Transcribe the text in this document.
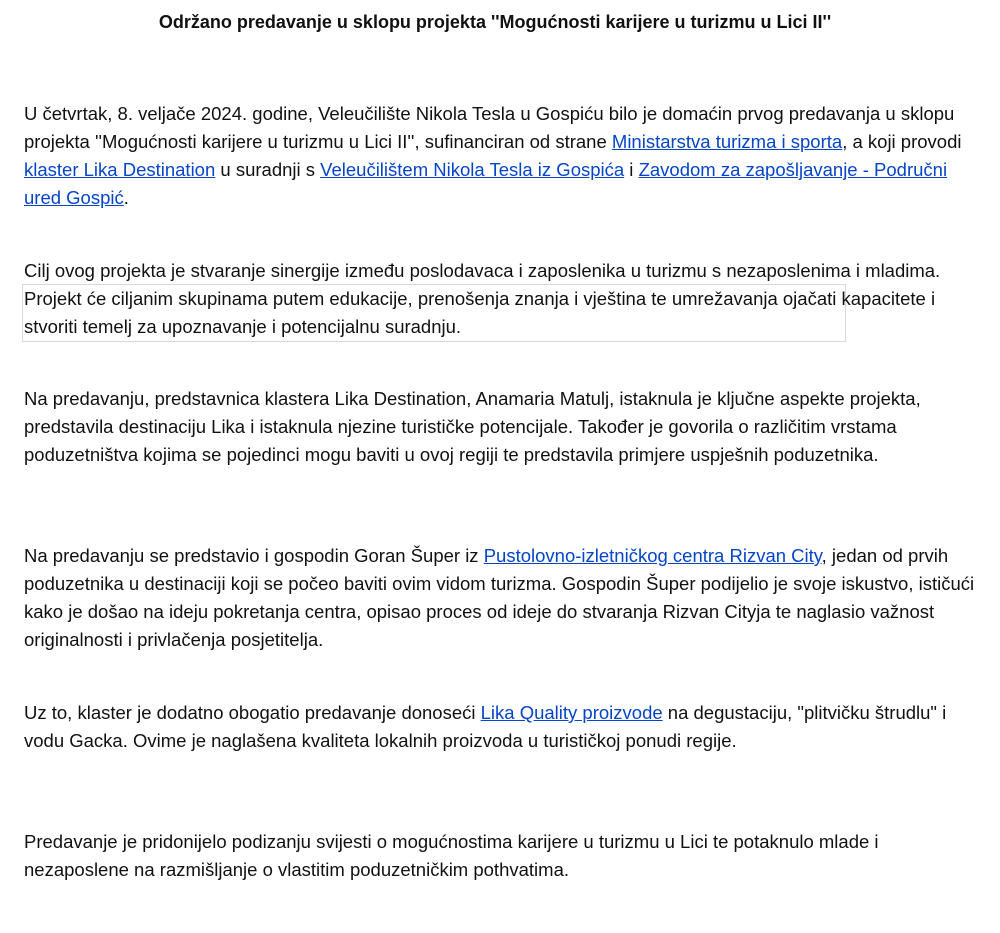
Održano predavanje u sklopu projekta ''Mogućnosti karijere u turizmu u Lici II''

U četvrtak, 8. veljače 2024. godine, Veleučilište Nikola Tesla u Gospiću bilo je domaćin prvog predavanja u sklopu projekta ''Mogućnosti karijere u turizmu u Lici II'', sufinanciran od strane Ministarstva turizma i sporta, a koji provodi klaster Lika Destination u suradnji s Veleučilištem Nikola Tesla iz Gospića i Zavodom za zapošljavanje - Područni ured Gospić.

Cilj ovog projekta je stvaranje sinergije između poslodavaca i zaposlenika u turizmu s nezaposlenima i mladima. Projekt će ciljanim skupinama putem edukacije, prenošenja znanja i vještina te umrežavanja ojačati kapacitete i stvoriti temelj za upoznavanje i potencijalnu suradnju.

Na predavanju, predstavnica klastera Lika Destination, Anamaria Matulj, istaknula je ključne aspekte projekta, predstavila destinaciju Lika i istaknula njezine turističke potencijale. Također je govorila o različitim vrstama poduzetništva kojima se pojedinci mogu baviti u ovoj regiji te predstavila primjere uspješnih poduzetnika.

Na predavanju se predstavio i gospodin Goran Šuper iz Pustolovno-izletničkog centra Rizvan City, jedan od prvih poduzetnika u destinaciji koji se počeo baviti ovim vidom turizma. Gospodin Šuper podijelio je svoje iskustvo, ističući kako je došao na ideju pokretanja centra, opisao proces od ideje do stvaranja Rizvan Cityja te naglasio važnost originalnosti i privlačenja posjetitelja.

Uz to, klaster je dodatno obogatio predavanje donoseći Lika Quality proizvode na degustaciju, "plitvičku štrudlu" i vodu Gacka. Ovime je naglašena kvaliteta lokalnih proizvoda u turističkoj ponudi regije.

Predavanje je pridonijelo podizanju svijesti o mogućnostima karijere u turizmu u Lici te potaknulo mlade i nezaposlene na razmišljanje o vlastitim poduzetničkim pothvatima.
